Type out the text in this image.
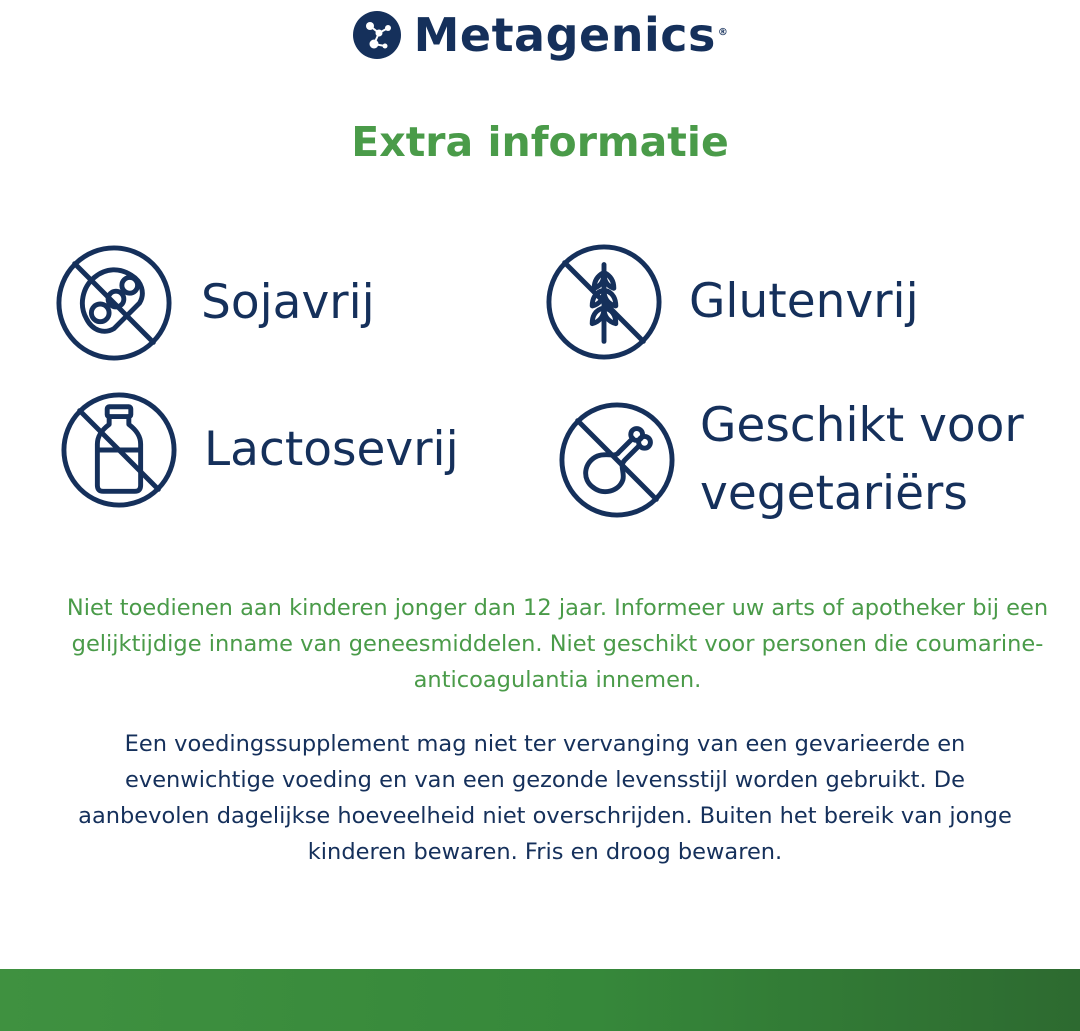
Metagenics ®
Extra informatie
Sojavrij	Glutenvrij
Lactosevrij	Geschikt voor vegetariërs
Niet toedienen aan kinderen jonger dan 12 jaar. Informeer uw arts of apotheker bij een gelijktijdige inname van geneesmiddelen. Niet geschikt voor personen die coumarine-anticoagulantia innemen.
Een voedingssupplement mag niet ter vervanging van een gevarieerde en evenwichtige voeding en van een gezonde levensstijl worden gebruikt. De aanbevolen dagelijkse hoeveelheid niet overschrijden. Buiten het bereik van jonge kinderen bewaren. Fris en droog bewaren.
